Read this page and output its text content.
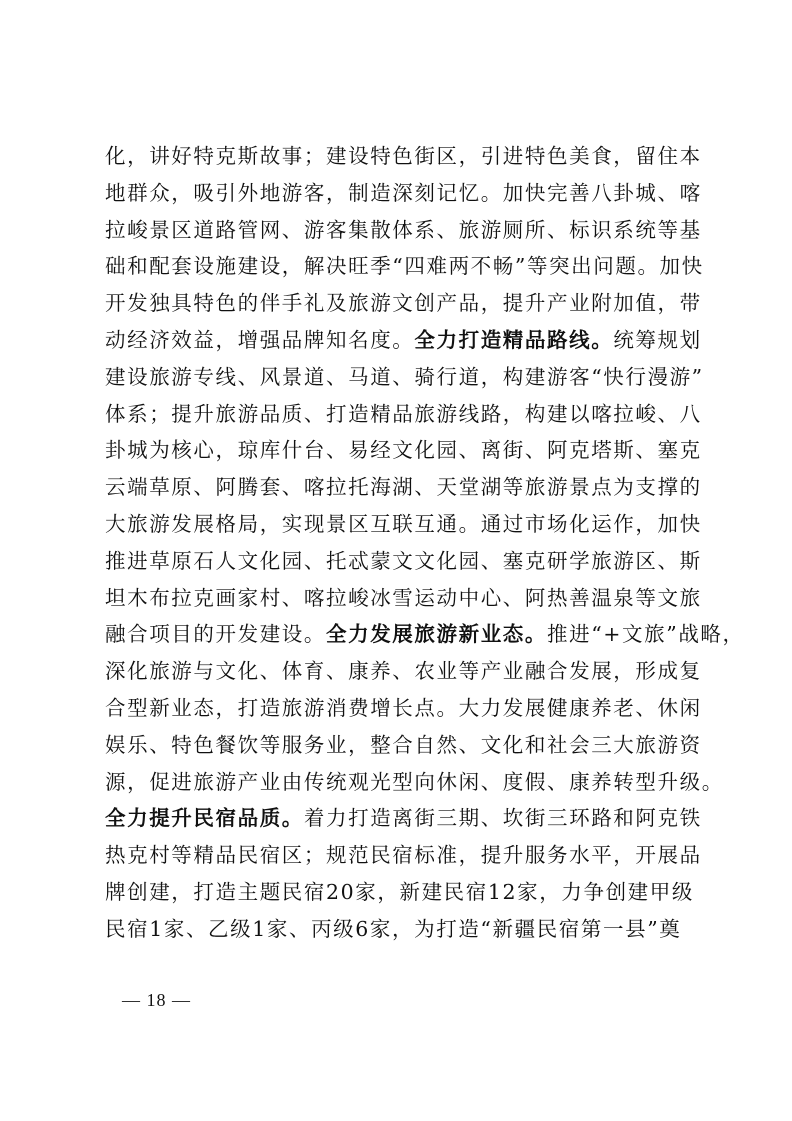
化，讲好特克斯故事；建设特色街区，引进特色美食，留住本
地群众，吸引外地游客，制造深刻记忆。加快完善八卦城、喀
拉峻景区道路管网、游客集散体系、旅游厕所、标识系统等基
础和配套设施建设，解决旺季“四难两不畅”等突出问题。加快
开发独具特色的伴手礼及旅游文创产品，提升产业附加值，带
动经济效益，增强品牌知名度。全力打造精品路线。统筹规划
建设旅游专线、风景道、马道、骑行道，构建游客“快行漫游”
体系；提升旅游品质、打造精品旅游线路，构建以喀拉峻、八
卦城为核心，琼库什台、易经文化园、离街、阿克塔斯、塞克
云端草原、阿腾套、喀拉托海湖、天堂湖等旅游景点为支撑的
大旅游发展格局，实现景区互联互通。通过市场化运作，加快
推进草原石人文化园、托忒蒙文文化园、塞克研学旅游区、斯
坦木布拉克画家村、喀拉峻冰雪运动中心、阿热善温泉等文旅
融合项目的开发建设。全力发展旅游新业态。推进“+文旅”战略，
深化旅游与文化、体育、康养、农业等产业融合发展，形成复
合型新业态，打造旅游消费增长点。大力发展健康养老、休闲
娱乐、特色餐饮等服务业，整合自然、文化和社会三大旅游资
源，促进旅游产业由传统观光型向休闲、度假、康养转型升级。
全力提升民宿品质。着力打造离街三期、坎街三环路和阿克铁
热克村等精品民宿区；规范民宿标准，提升服务水平，开展品
牌创建，打造主题民宿20家，新建民宿12家，力争创建甲级
民宿1家、乙级1家、丙级6家，为打造“新疆民宿第一县”奠
— 18 —
